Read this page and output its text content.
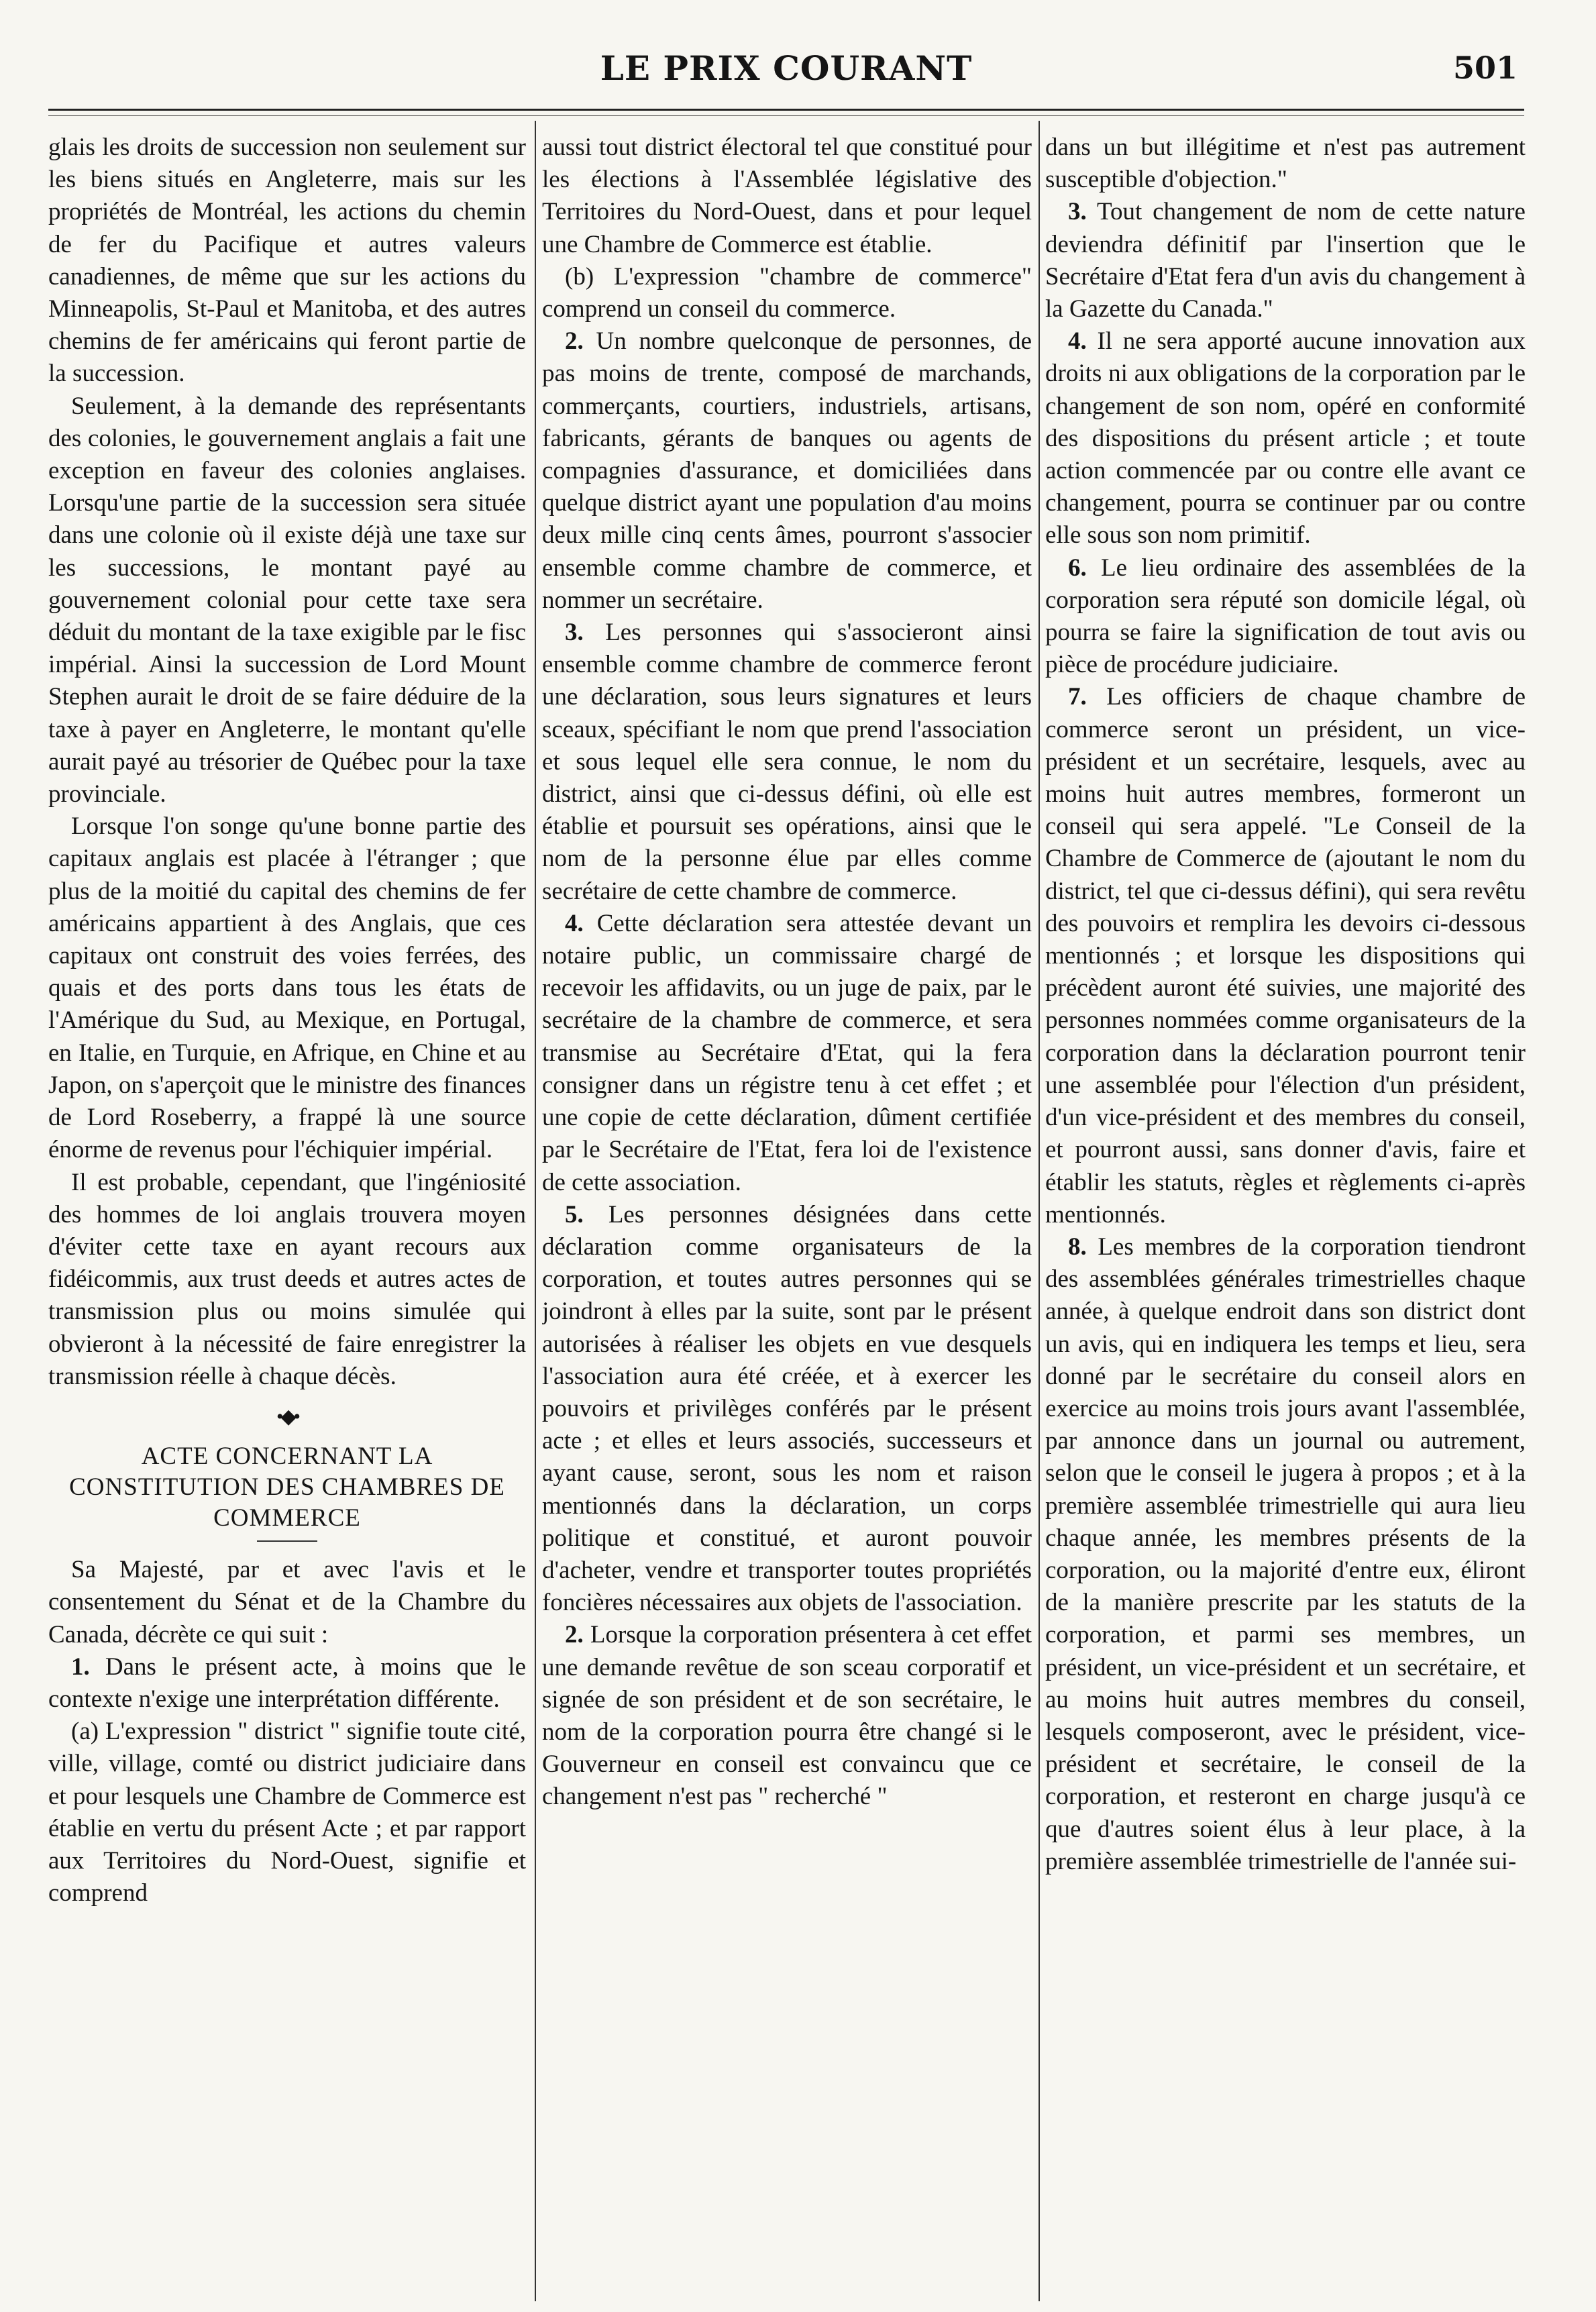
LE PRIX COURANT	501

glais les droits de succession non seulement sur les biens situés en Angleterre, mais sur les propriétés de Montréal, les actions du chemin de fer du Pacifique et autres valeurs canadiennes, de même que sur les actions du Minneapolis, St-Paul et Manitoba, et des autres chemins de fer américains qui feront partie de la succession.

Seulement, à la demande des représentants des colonies, le gouvernement anglais a fait une exception en faveur des colonies anglaises. Lorsqu'une partie de la succession sera située dans une colonie où il existe déjà une taxe sur les successions, le montant payé au gouvernement colonial pour cette taxe sera déduit du montant de la taxe exigible par le fisc impérial. Ainsi la succession de Lord Mount Stephen aurait le droit de se faire déduire de la taxe à payer en Angleterre, le montant qu'elle aurait payé au trésorier de Québec pour la taxe provinciale.

Lorsque l'on songe qu'une bonne partie des capitaux anglais est placée à l'étranger ; que plus de la moitié du capital des chemins de fer américains appartient à des Anglais, que ces capitaux ont construit des voies ferrées, des quais et des ports dans tous les états de l'Amérique du Sud, au Mexique, en Portugal, en Italie, en Turquie, en Afrique, en Chine et au Japon, on s'aperçoit que le ministre des finances de Lord Roseberry, a frappé là une source énorme de revenus pour l'échiquier impérial.

Il est probable, cependant, que l'ingéniosité des hommes de loi anglais trouvera moyen d'éviter cette taxe en ayant recours aux fidéicommis, aux trust deeds et autres actes de transmission plus ou moins simulée qui obvieront à la nécessité de faire enregistrer la transmission réelle à chaque décès.

•◆•

ACTE CONCERNANT LA CONSTITUTION DES CHAMBRES DE COMMERCE

Sa Majesté, par et avec l'avis et le consentement du Sénat et de la Chambre du Canada, décrète ce qui suit :

1. Dans le présent acte, à moins que le contexte n'exige une interprétation différente.

(a) L'expression " district " signifie toute cité, ville, village, comté ou district judiciaire dans et pour lesquels une Chambre de Commerce est établie en vertu du présent Acte ; et par rapport aux Territoires du Nord-Ouest, signifie et comprend

aussi tout district électoral tel que constitué pour les élections à l'Assemblée législative des Territoires du Nord-Ouest, dans et pour lequel une Chambre de Commerce est établie.

(b) L'expression "chambre de commerce" comprend un conseil du commerce.

2. Un nombre quelconque de personnes, de pas moins de trente, composé de marchands, commerçants, courtiers, industriels, artisans, fabricants, gérants de banques ou agents de compagnies d'assurance, et domiciliées dans quelque district ayant une population d'au moins deux mille cinq cents âmes, pourront s'associer ensemble comme chambre de commerce, et nommer un secrétaire.

3. Les personnes qui s'associeront ainsi ensemble comme chambre de commerce feront une déclaration, sous leurs signatures et leurs sceaux, spécifiant le nom que prend l'association et sous lequel elle sera connue, le nom du district, ainsi que ci-dessus défini, où elle est établie et poursuit ses opérations, ainsi que le nom de la personne élue par elles comme secrétaire de cette chambre de commerce.

4. Cette déclaration sera attestée devant un notaire public, un commissaire chargé de recevoir les affidavits, ou un juge de paix, par le secrétaire de la chambre de commerce, et sera transmise au Secrétaire d'Etat, qui la fera consigner dans un régistre tenu à cet effet ; et une copie de cette déclaration, dûment certifiée par le Secrétaire de l'Etat, fera loi de l'existence de cette association.

5. Les personnes désignées dans cette déclaration comme organisateurs de la corporation, et toutes autres personnes qui se joindront à elles par la suite, sont par le présent autorisées à réaliser les objets en vue desquels l'association aura été créée, et à exercer les pouvoirs et privilèges conférés par le présent acte ; et elles et leurs associés, successeurs et ayant cause, seront, sous les nom et raison mentionnés dans la déclaration, un corps politique et constitué, et auront pouvoir d'acheter, vendre et transporter toutes propriétés foncières nécessaires aux objets de l'association.

2. Lorsque la corporation présentera à cet effet une demande revêtue de son sceau corporatif et signée de son président et de son secrétaire, le nom de la corporation pourra être changé si le Gouverneur en conseil est convaincu que ce changement n'est pas " recherché "

dans un but illégitime et n'est pas autrement susceptible d'objection."

3. Tout changement de nom de cette nature deviendra définitif par l'insertion que le Secrétaire d'Etat fera d'un avis du changement à la Gazette du Canada."

4. Il ne sera apporté aucune innovation aux droits ni aux obligations de la corporation par le changement de son nom, opéré en conformité des dispositions du présent article ; et toute action commencée par ou contre elle avant ce changement, pourra se continuer par ou contre elle sous son nom primitif.

6. Le lieu ordinaire des assemblées de la corporation sera réputé son domicile légal, où pourra se faire la signification de tout avis ou pièce de procédure judiciaire.

7. Les officiers de chaque chambre de commerce seront un président, un vice-président et un secrétaire, lesquels, avec au moins huit autres membres, formeront un conseil qui sera appelé. "Le Conseil de la Chambre de Commerce de (ajoutant le nom du district, tel que ci-dessus défini), qui sera revêtu des pouvoirs et remplira les devoirs ci-dessous mentionnés ; et lorsque les dispositions qui précèdent auront été suivies, une majorité des personnes nommées comme organisateurs de la corporation dans la déclaration pourront tenir une assemblée pour l'élection d'un président, d'un vice-président et des membres du conseil, et pourront aussi, sans donner d'avis, faire et établir les statuts, règles et règlements ci-après mentionnés.

8. Les membres de la corporation tiendront des assemblées générales trimestrielles chaque année, à quelque endroit dans son district dont un avis, qui en indiquera les temps et lieu, sera donné par le secrétaire du conseil alors en exercice au moins trois jours avant l'assemblée, par annonce dans un journal ou autrement, selon que le conseil le jugera à propos ; et à la première assemblée trimestrielle qui aura lieu chaque année, les membres présents de la corporation, ou la majorité d'entre eux, éliront de la manière prescrite par les statuts de la corporation, et parmi ses membres, un président, un vice-président et un secrétaire, et au moins huit autres membres du conseil, lesquels composeront, avec le président, vice-président et secrétaire, le conseil de la corporation, et resteront en charge jusqu'à ce que d'autres soient élus à leur place, à la première assemblée trimestrielle de l'année sui-
